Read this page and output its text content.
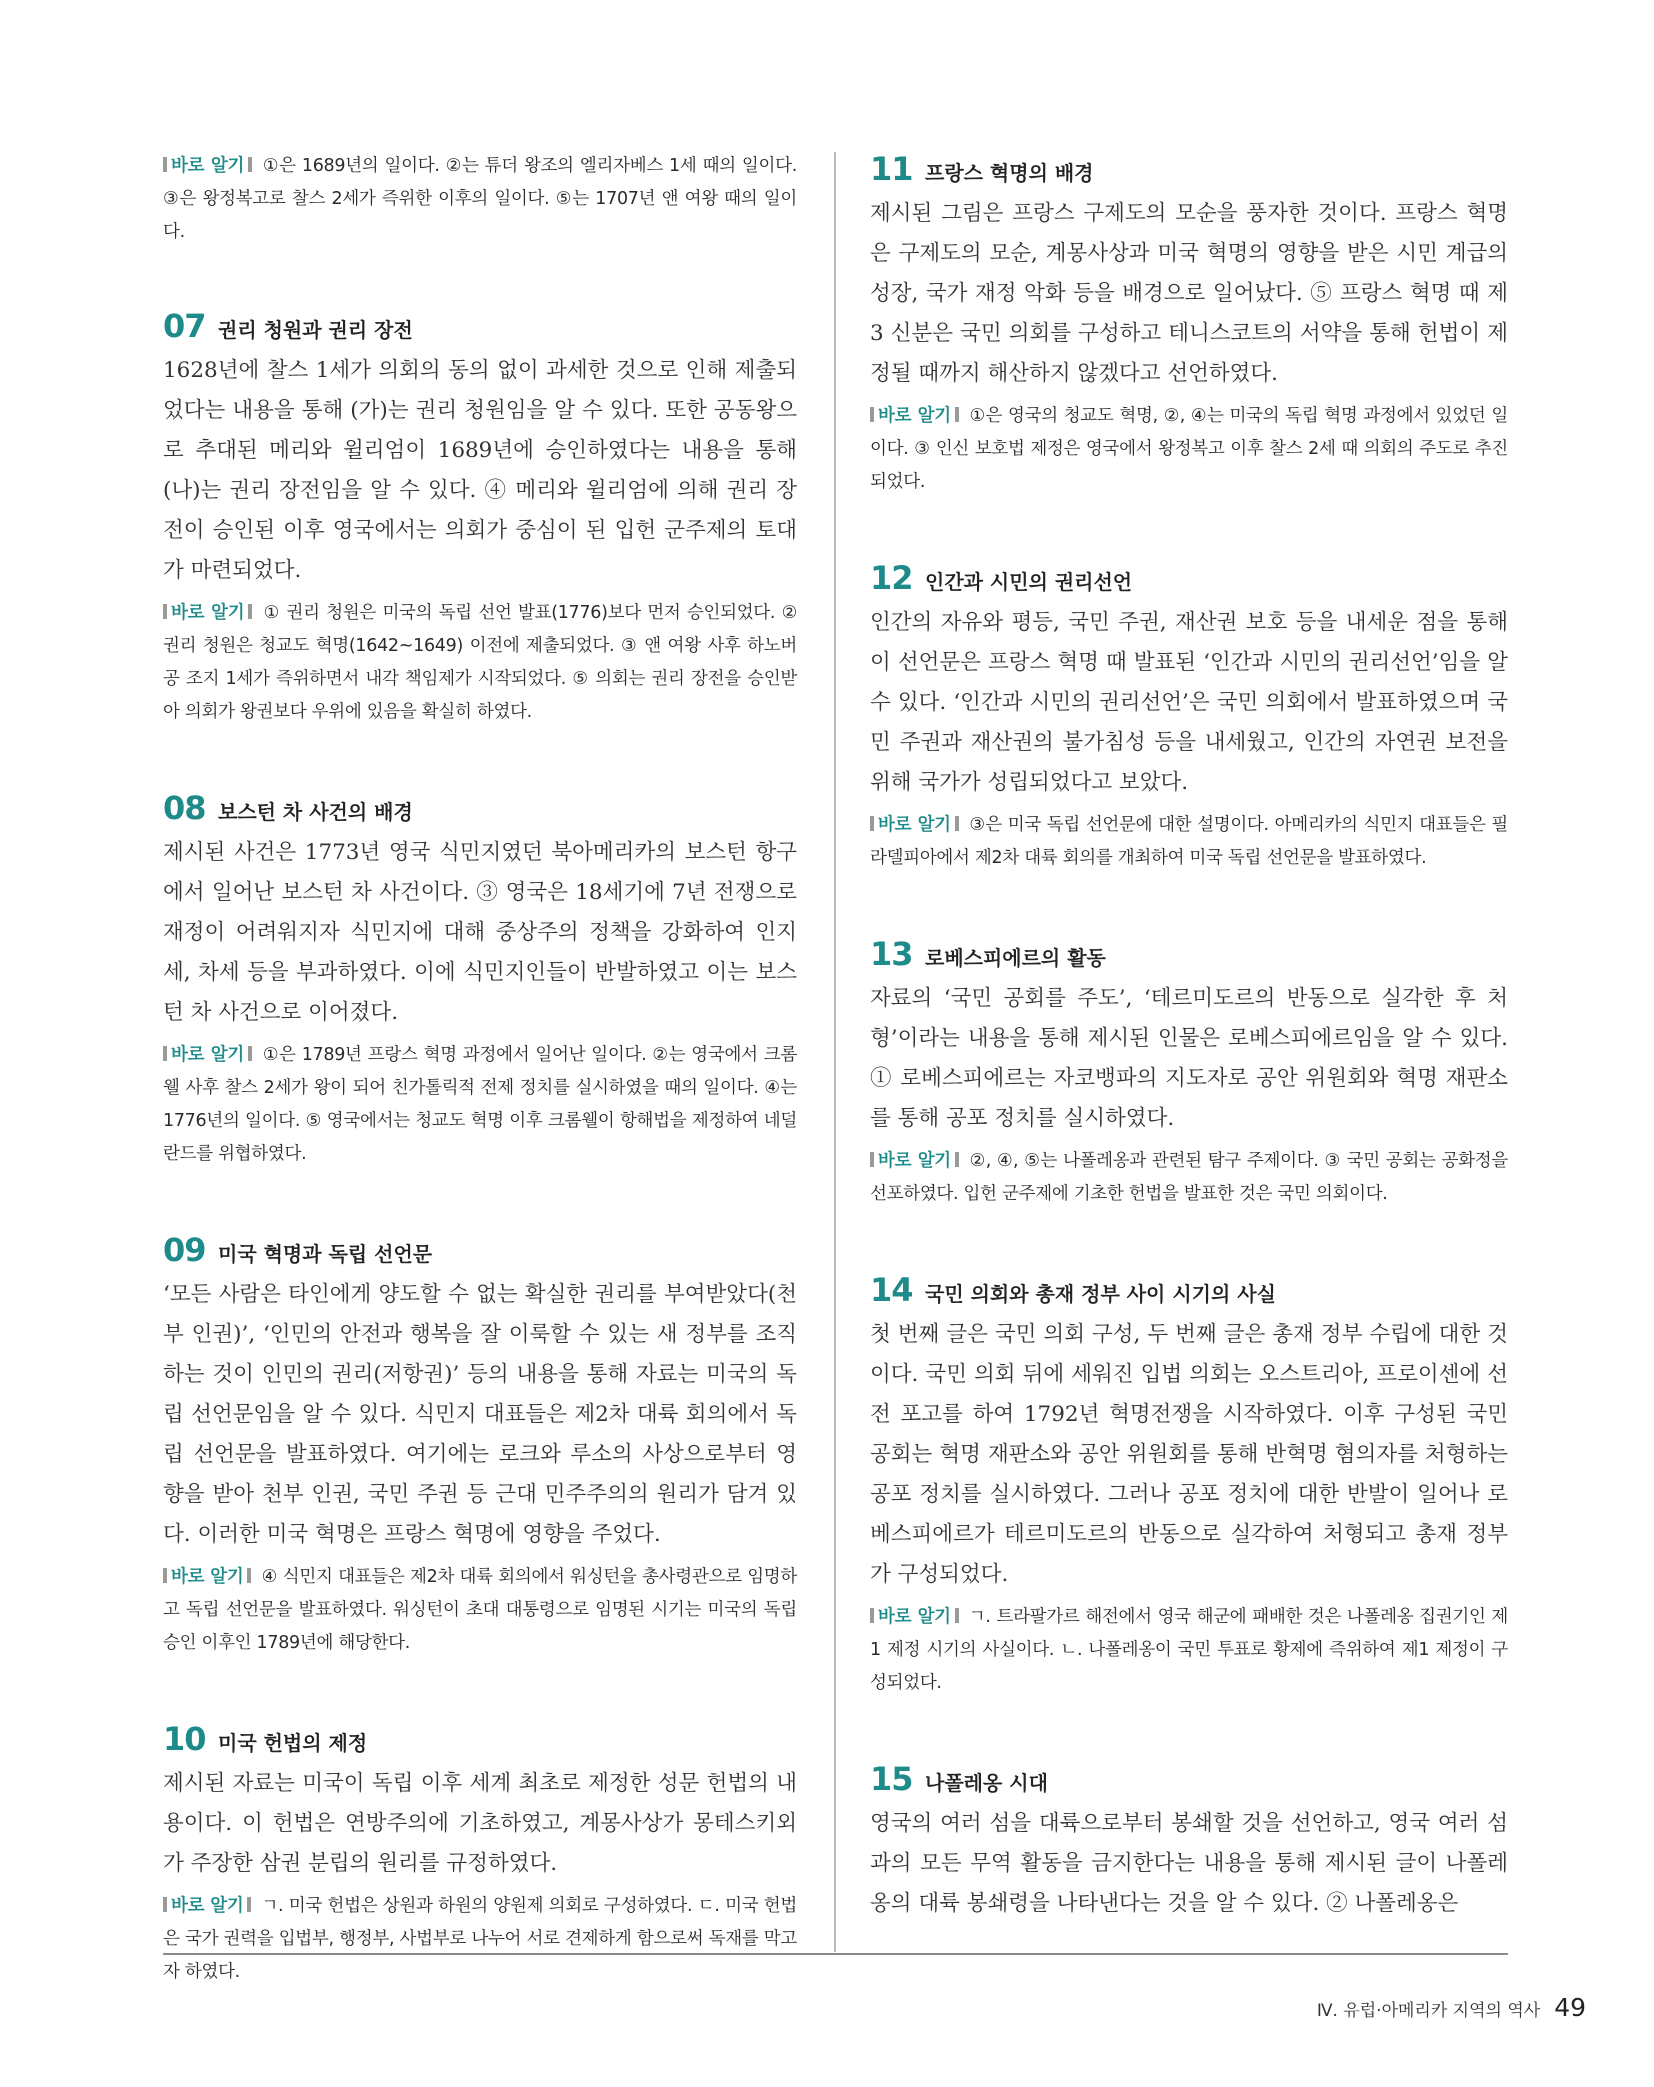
바로 알기 ①은 1689년의 일이다. ②는 튜더 왕조의 엘리자베스 1세 때의 일이다. ③은 왕정복고로 찰스 2세가 즉위한 이후의 일이다. ⑤는 1707년 앤 여왕 때의 일이다.

07 권리 청원과 권리 장전

1628년에 찰스 1세가 의회의 동의 없이 과세한 것으로 인해 제출되었다는 내용을 통해 (가)는 권리 청원임을 알 수 있다. 또한 공동왕으로 추대된 메리와 윌리엄이 1689년에 승인하였다는 내용을 통해 (나)는 권리 장전임을 알 수 있다. ④ 메리와 윌리엄에 의해 권리 장전이 승인된 이후 영국에서는 의회가 중심이 된 입헌 군주제의 토대가 마련되었다.

바로 알기 ① 권리 청원은 미국의 독립 선언 발표(1776)보다 먼저 승인되었다. ② 권리 청원은 청교도 혁명(1642~1649) 이전에 제출되었다. ③ 앤 여왕 사후 하노버 공 조지 1세가 즉위하면서 내각 책임제가 시작되었다. ⑤ 의회는 권리 장전을 승인받아 의회가 왕권보다 우위에 있음을 확실히 하였다.

08 보스턴 차 사건의 배경

제시된 사건은 1773년 영국 식민지였던 북아메리카의 보스턴 항구에서 일어난 보스턴 차 사건이다. ③ 영국은 18세기에 7년 전쟁으로 재정이 어려워지자 식민지에 대해 중상주의 정책을 강화하여 인지세, 차세 등을 부과하였다. 이에 식민지인들이 반발하였고 이는 보스턴 차 사건으로 이어졌다.

바로 알기 ①은 1789년 프랑스 혁명 과정에서 일어난 일이다. ②는 영국에서 크롬웰 사후 찰스 2세가 왕이 되어 친가톨릭적 전제 정치를 실시하였을 때의 일이다. ④는 1776년의 일이다. ⑤ 영국에서는 청교도 혁명 이후 크롬웰이 항해법을 제정하여 네덜란드를 위협하였다.

09 미국 혁명과 독립 선언문

‘모든 사람은 타인에게 양도할 수 없는 확실한 권리를 부여받았다(천부 인권)’, ‘인민의 안전과 행복을 잘 이룩할 수 있는 새 정부를 조직하는 것이 인민의 권리(저항권)’ 등의 내용을 통해 자료는 미국의 독립 선언문임을 알 수 있다. 식민지 대표들은 제2차 대륙 회의에서 독립 선언문을 발표하였다. 여기에는 로크와 루소의 사상으로부터 영향을 받아 천부 인권, 국민 주권 등 근대 민주주의의 원리가 담겨 있다. 이러한 미국 혁명은 프랑스 혁명에 영향을 주었다.

바로 알기 ④ 식민지 대표들은 제2차 대륙 회의에서 워싱턴을 총사령관으로 임명하고 독립 선언문을 발표하였다. 워싱턴이 초대 대통령으로 임명된 시기는 미국의 독립 승인 이후인 1789년에 해당한다.

10 미국 헌법의 제정

제시된 자료는 미국이 독립 이후 세계 최초로 제정한 성문 헌법의 내용이다. 이 헌법은 연방주의에 기초하였고, 계몽사상가 몽테스키외가 주장한 삼권 분립의 원리를 규정하였다.

바로 알기 ㄱ. 미국 헌법은 상원과 하원의 양원제 의회로 구성하였다. ㄷ. 미국 헌법은 국가 권력을 입법부, 행정부, 사법부로 나누어 서로 견제하게 함으로써 독재를 막고자 하였다.

11 프랑스 혁명의 배경

제시된 그림은 프랑스 구제도의 모순을 풍자한 것이다. 프랑스 혁명은 구제도의 모순, 계몽사상과 미국 혁명의 영향을 받은 시민 계급의 성장, 국가 재정 악화 등을 배경으로 일어났다. ⑤ 프랑스 혁명 때 제3 신분은 국민 의회를 구성하고 테니스코트의 서약을 통해 헌법이 제정될 때까지 해산하지 않겠다고 선언하였다.

바로 알기 ①은 영국의 청교도 혁명, ②, ④는 미국의 독립 혁명 과정에서 있었던 일이다. ③ 인신 보호법 제정은 영국에서 왕정복고 이후 찰스 2세 때 의회의 주도로 추진되었다.

12 인간과 시민의 권리선언

인간의 자유와 평등, 국민 주권, 재산권 보호 등을 내세운 점을 통해 이 선언문은 프랑스 혁명 때 발표된 ‘인간과 시민의 권리선언’임을 알 수 있다. ‘인간과 시민의 권리선언’은 국민 의회에서 발표하였으며 국민 주권과 재산권의 불가침성 등을 내세웠고, 인간의 자연권 보전을 위해 국가가 성립되었다고 보았다.

바로 알기 ③은 미국 독립 선언문에 대한 설명이다. 아메리카의 식민지 대표들은 필라델피아에서 제2차 대륙 회의를 개최하여 미국 독립 선언문을 발표하였다.

13 로베스피에르의 활동

자료의 ‘국민 공회를 주도’, ‘테르미도르의 반동으로 실각한 후 처형’이라는 내용을 통해 제시된 인물은 로베스피에르임을 알 수 있다. ① 로베스피에르는 자코뱅파의 지도자로 공안 위원회와 혁명 재판소를 통해 공포 정치를 실시하였다.

바로 알기 ②, ④, ⑤는 나폴레옹과 관련된 탐구 주제이다. ③ 국민 공회는 공화정을 선포하였다. 입헌 군주제에 기초한 헌법을 발표한 것은 국민 의회이다.

14 국민 의회와 총재 정부 사이 시기의 사실

첫 번째 글은 국민 의회 구성, 두 번째 글은 총재 정부 수립에 대한 것이다. 국민 의회 뒤에 세워진 입법 의회는 오스트리아, 프로이센에 선전 포고를 하여 1792년 혁명전쟁을 시작하였다. 이후 구성된 국민 공회는 혁명 재판소와 공안 위원회를 통해 반혁명 혐의자를 처형하는 공포 정치를 실시하였다. 그러나 공포 정치에 대한 반발이 일어나 로베스피에르가 테르미도르의 반동으로 실각하여 처형되고 총재 정부가 구성되었다.

바로 알기 ㄱ. 트라팔가르 해전에서 영국 해군에 패배한 것은 나폴레옹 집권기인 제1 제정 시기의 사실이다. ㄴ. 나폴레옹이 국민 투표로 황제에 즉위하여 제1 제정이 구성되었다.

15 나폴레옹 시대

영국의 여러 섬을 대륙으로부터 봉쇄할 것을 선언하고, 영국 여러 섬과의 모든 무역 활동을 금지한다는 내용을 통해 제시된 글이 나폴레옹의 대륙 봉쇄령을 나타낸다는 것을 알 수 있다. ② 나폴레옹은

Ⅳ. 유럽·아메리카 지역의 역사 49
